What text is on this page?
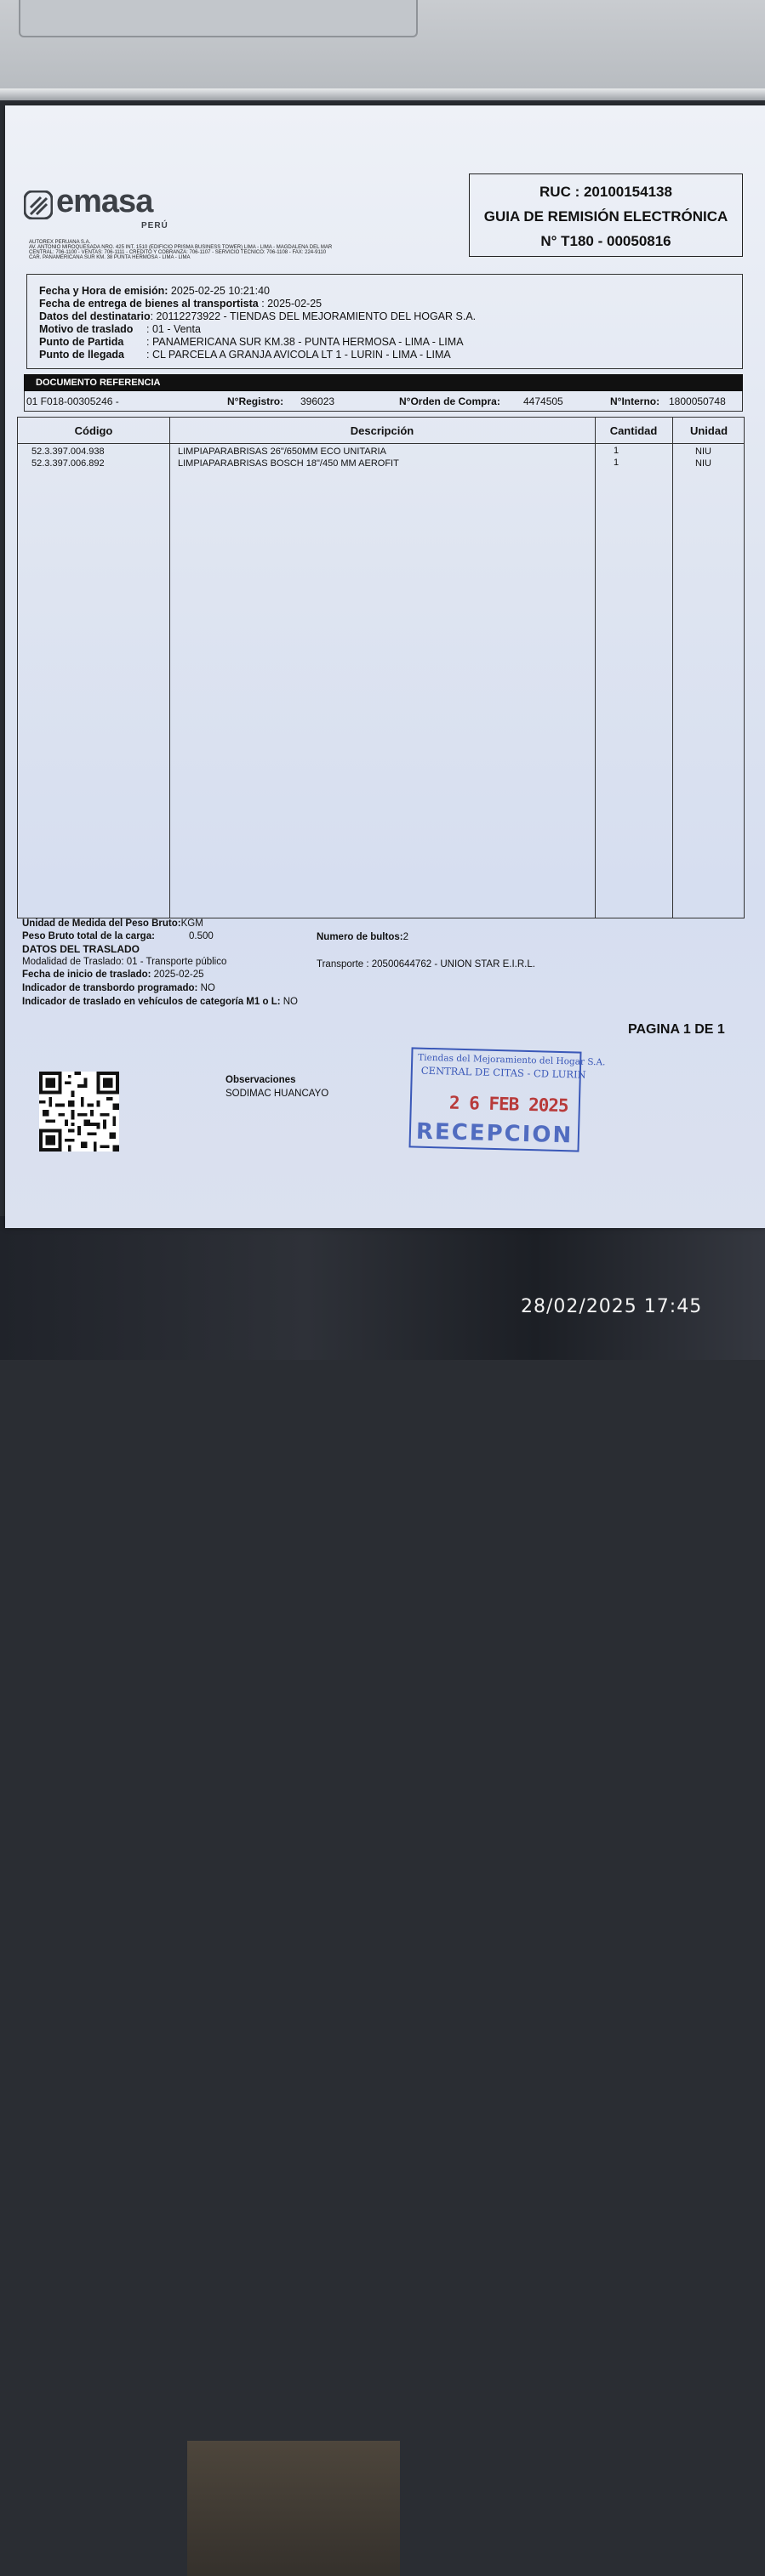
emasa
PERÚ
AUTOREX PERUANA S.A.
AV. ANTONIO MIROQUESADA NRO. 425 INT. 1510 (EDIFICIO PRISMA BUSINESS TOWER) LIMA - LIMA - MAGDALENA DEL MAR
CENTRAL: 706-1100 - VENTAS: 706-1111 - CREDITO Y COBRANZA: 706-1107 - SERVICIO TECNICO: 706-1108 - FAX: 224-9110
CAR. PANAMERICANA SUR KM. 38 PUNTA HERMOSA - LIMA - LIMA
RUC : 20100154138
GUIA DE REMISIÓN ELECTRÓNICA
N° T180 - 00050816
Fecha y Hora de emisión: 2025-02-25 10:21:40
Fecha de entrega de bienes al transportista : 2025-02-25
Datos del destinatario: 20112273922 - TIENDAS DEL MEJORAMIENTO DEL HOGAR S.A.
Motivo de traslado : 01 - Venta
Punto de Partida : PANAMERICANA SUR KM.38 - PUNTA HERMOSA - LIMA - LIMA
Punto de llegada : CL PARCELA A GRANJA AVICOLA LT 1 - LURIN - LIMA - LIMA
DOCUMENTO REFERENCIA
01 F018-00305246 -	N°Registro: 396023	N°Orden de Compra: 4474505	N°Interno: 1800050748
Código	Descripción	Cantidad	Unidad
52.3.397.004.938	LIMPIAPARABRISAS 26"/650MM ECO UNITARIA	1	NIU
52.3.397.006.892	LIMPIAPARABRISAS BOSCH 18"/450 MM AEROFIT	1	NIU
Unidad de Medida del Peso Bruto:KGM
Peso Bruto total de la carga:	0.500	Numero de bultos:2
DATOS DEL TRASLADO
Modalidad de Traslado: 01 - Transporte público	Transporte : 20500644762 - UNION STAR E.I.R.L.
Fecha de inicio de traslado: 2025-02-25
Indicador de transbordo programado: NO
Indicador de traslado en vehículos de categoría M1 o L: NO
PAGINA 1 DE 1
Observaciones
SODIMAC HUANCAYO
Tiendas del Mejoramiento del Hogar S.A.
CENTRAL DE CITAS - CD LURIN
2 6 FEB 2025
RECEPCION
28/02/2025 17:45
